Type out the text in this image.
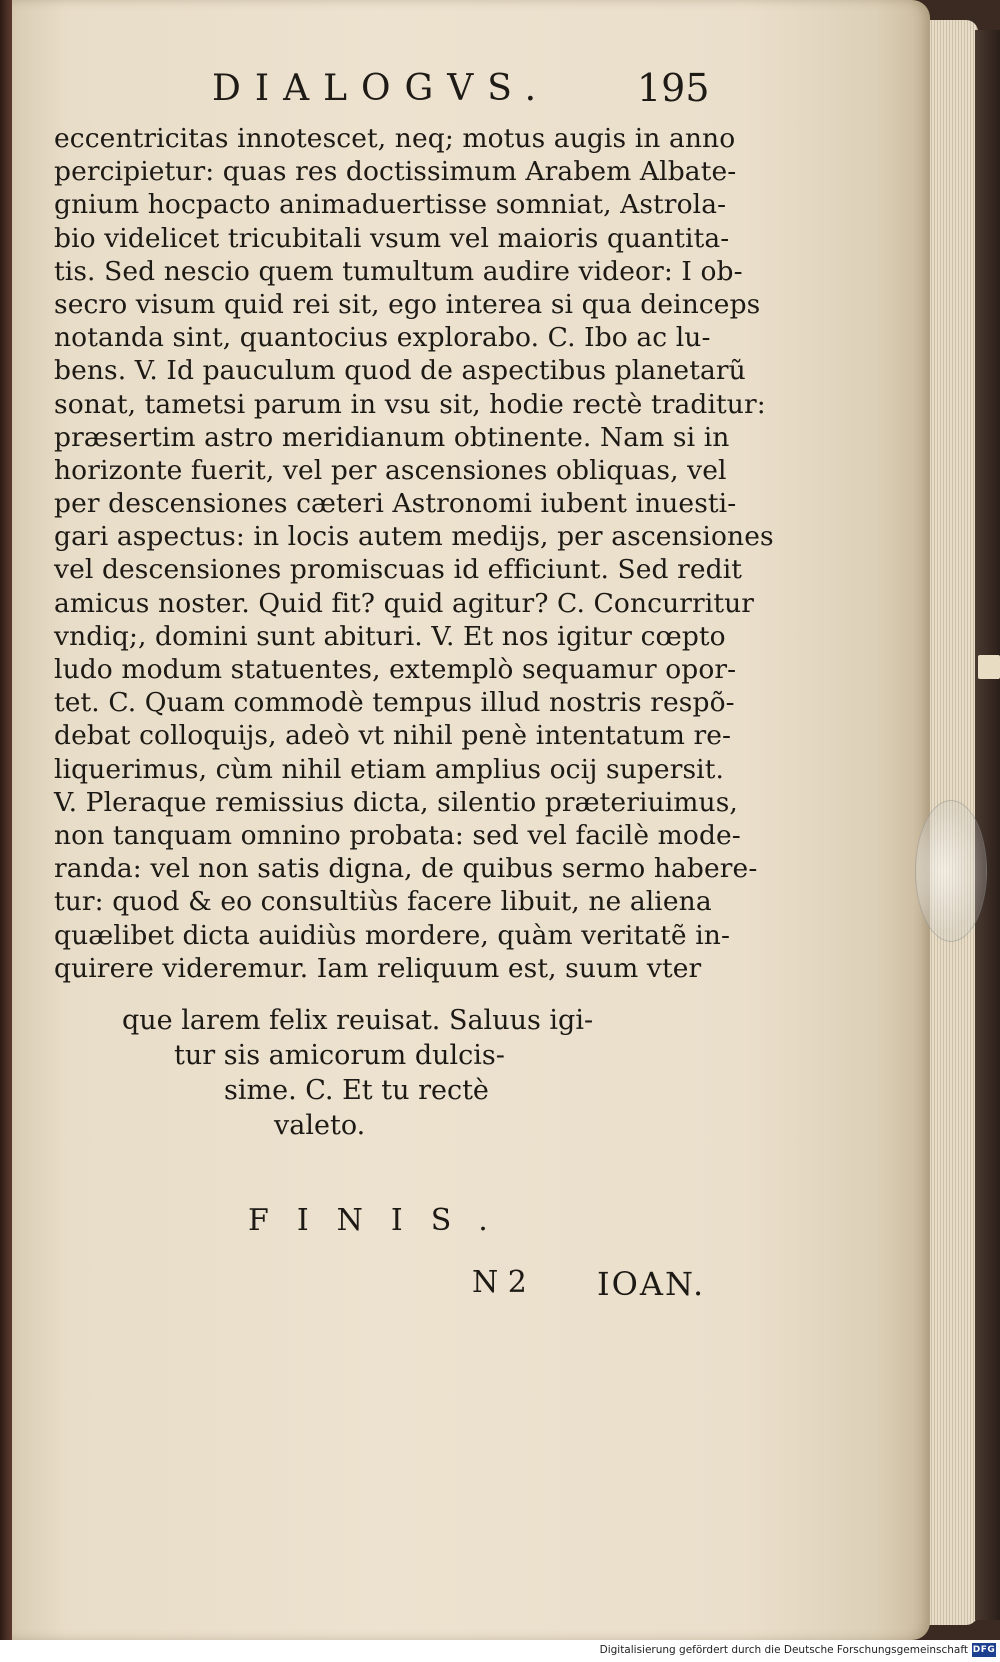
DIALOGVS. 195
eccentricitas innotescet, neq; motus augis in anno
percipietur: quas res doctissimum Arabem Albate-
gnium hocpacto animaduertisse somniat, Astrola-
bio videlicet tricubitali vsum vel maioris quantita-
tis. Sed nescio quem tumultum audire videor: I ob-
secro visum quid rei sit, ego interea si qua deinceps
notanda sint, quantocius explorabo. C. Ibo ac lu-
bens. V. Id pauculum quod de aspectibus planetarũ
sonat, tametsi parum in vsu sit, hodie rectè traditur:
præsertim astro meridianum obtinente. Nam si in
horizonte fuerit, vel per ascensiones obliquas, vel
per descensiones cæteri Astronomi iubent inuesti-
gari aspectus: in locis autem medijs, per ascensiones
vel descensiones promiscuas id efficiunt. Sed redit
amicus noster. Quid fit? quid agitur? C. Concurritur
vndiq;, domini sunt abituri. V. Et nos igitur cœpto
ludo modum statuentes, extemplò sequamur opor-
tet. C. Quam commodè tempus illud nostris respõ-
debat colloquijs, adeò vt nihil penè intentatum re-
liquerimus, cùm nihil etiam amplius ocij supersit.
V. Pleraque remissius dicta, silentio præteriuimus,
non tanquam omnino probata: sed vel facilè mode-
randa: vel non satis digna, de quibus sermo habere-
tur: quod & eo consultiùs facere libuit, ne aliena
quælibet dicta auidiùs mordere, quàm veritatẽ in-
quirere videremur. Iam reliquum est, suum vter
que larem felix reuisat. Saluus igi-
tur sis amicorum dulcis-
sime. C. Et tu rectè
valeto.
FINIS.
N 2 IOAN.
Digitalisierung gefördert durch die Deutsche Forschungsgemeinschaft DFG
